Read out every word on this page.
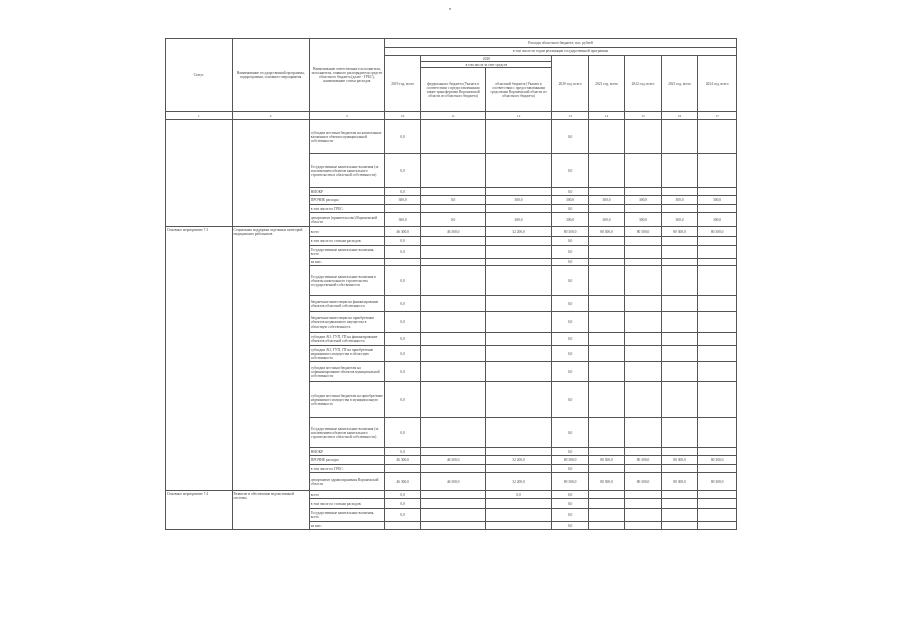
н
Статус	Наименование государственной программы, подпрограммы, основного мероприятия	Наименование ответственного исполнителя, исполнителя, главного распорядителя средств областного бюджета (далее - ГРБС), наименование статьи расходов	Расходы областного бюджета, тыс. рублей							
			в том числе по годам реализации государственной программы							
			2019 год, всего	2020		2020 год, всего	2021 год, всего	2022 год, всего	2023 год, всего	2024 год, всего
				в том числе за счет средств						
				федерального бюджета (Указать в соответствии с предоставленными также трансфертами Воронежской области из областного бюджета)	областной бюджета (Указать в соответствии с предоставленными средствами Воронежской области из областного бюджета)					
1	2	3	10	11	12	13	14	15	16	17
		субсидии местным бюджетам на капитальные вложения в объекты муниципальной собственности	0,0			0,0				
		Государственные капитальные вложения (за исключением объектов капитального строительства в областной собственности)	0,0			0,0				
		НИОКР	0,0			0,0				
		ПРОЧИЕ расходы	300,0	0,0	300,0	300,0	300,0	300,0	300,0	300,0
		в том числе по ГРБС:				0,0				
		департамент (правительство) Воронежской области	300,0	0,0	300,0	300,0	300,0	300,0	300,0	300,0
Основное мероприятие 7.3	Социальная поддержка отдельных категорий медицинских работников	всего	46 300,0	46 300,0	32 200,0	80 300,0	80 300,0	80 300,0	80 300,0	80 300,0
		в том числе по статьям расходов:	0,0			0,0				
		Государственные капитальные вложения, всего	0,0			0,0				
		из них:				0,0				
		Государственные капитальные вложения в объекты капитального строительства государственной собственности	0,0			0,0				
		бюджетные инвестиции на финансирование объектов областной собственности	0,0			0,0				
		бюджетные инвестиции на приобретение объектов недвижимого имущества в областную собственность	0,0			0,0				
		субсидии АО, ГУП, ГП на финансирование объектов областной собственности	0,0			0,0				
		субсидии АО, ГУП, ГП на приобретение недвижимого имущества в областную собственность	0,0			0,0				
		субсидии местным бюджетам на софинансирование объектов муниципальной собственности	0,0			0,0				
		субсидии местным бюджетам на приобретение недвижимого имущества в муниципальную собственность	0,0			0,0				
		Государственные капитальные вложения (за исключением объектов капитального строительства в областной собственности)	0,0			0,0				
		НИОКР	0,0			0,0				
		ПРОЧИЕ расходы	46 300,0	46 300,0	32 200,0	80 300,0	80 300,0	80 300,0	80 300,0	80 300,0
		в том числе по ГРБС:				0,0				
		департамент здравоохранения Воронежской области	46 300,0	46 300,0	32 200,0	80 300,0	80 300,0	80 300,0	80 300,0	80 300,0
Основное мероприятие 7.4	Развитие и обеспечение ведомственной системы	всего	0,0		0,0	0,0				
		в том числе по статьям расходов:	0,0			0,0				
		Государственные капитальные вложения, всего	0,0			0,0				
		из них:				0,0				
